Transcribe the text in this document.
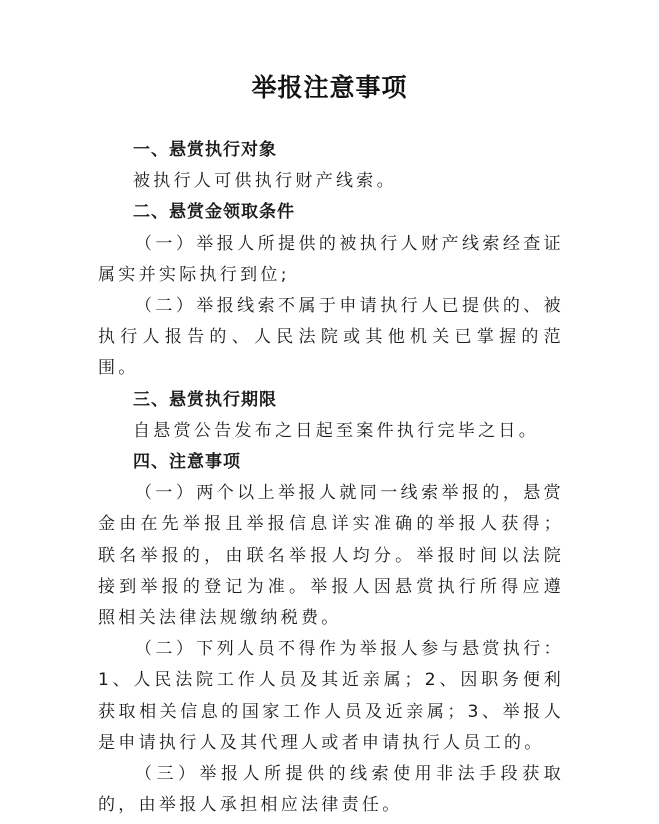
举报注意事项

一、悬赏执行对象

被执行人可供执行财产线索。

二、悬赏金领取条件

（一）举报人所提供的被执行人财产线索经查证属实并实际执行到位;

（二）举报线索不属于申请执行人已提供的、被执行人报告的、人民法院或其他机关已掌握的范围。

三、悬赏执行期限

自悬赏公告发布之日起至案件执行完毕之日。

四、注意事项

（一）两个以上举报人就同一线索举报的，悬赏金由在先举报且举报信息详实准确的举报人获得；联名举报的，由联名举报人均分。举报时间以法院接到举报的登记为准。举报人因悬赏执行所得应遵照相关法律法规缴纳税费。

（二）下列人员不得作为举报人参与悬赏执行：1、人民法院工作人员及其近亲属；2、因职务便利获取相关信息的国家工作人员及近亲属；3、举报人是申请执行人及其代理人或者申请执行人员工的。

（三）举报人所提供的线索使用非法手段获取的，由举报人承担相应法律责任。
